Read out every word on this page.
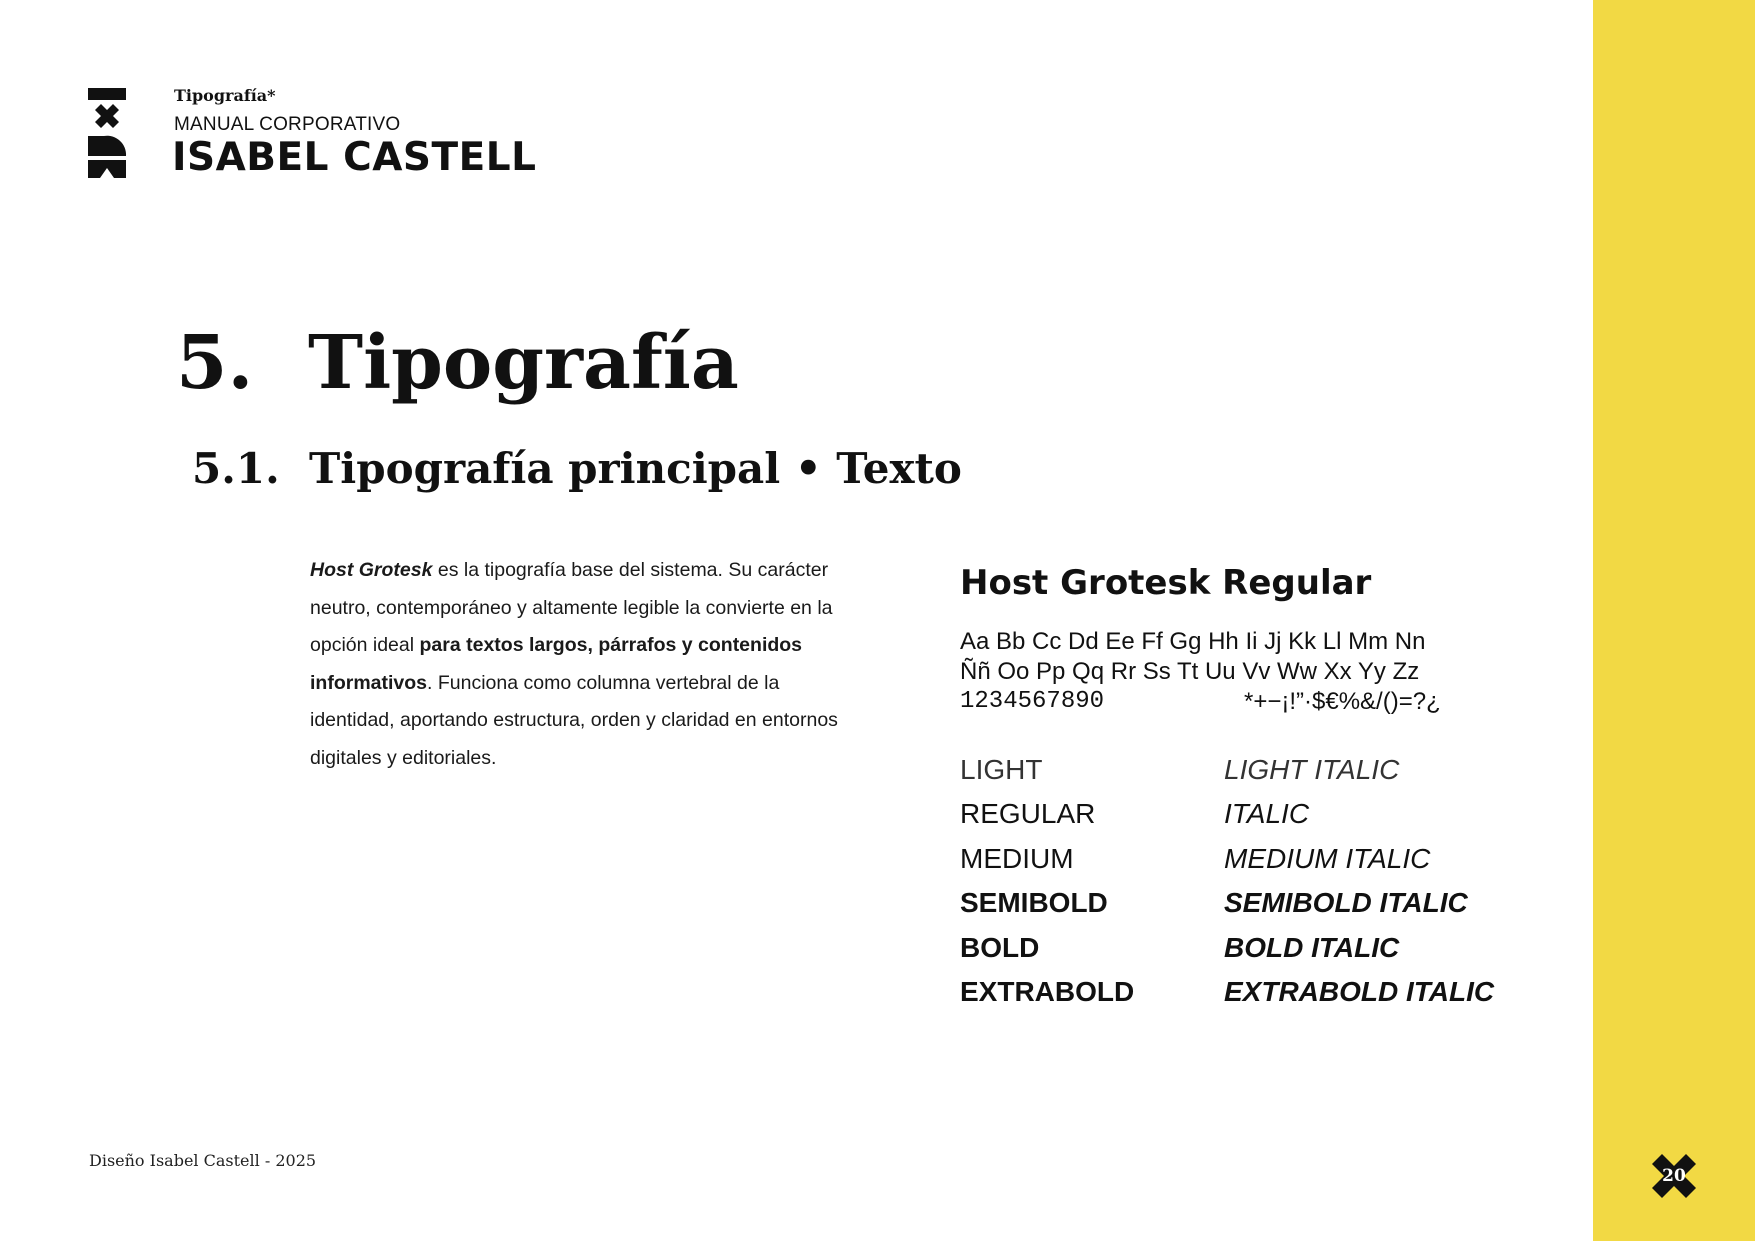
Tipografía*
MANUAL CORPORATIVO
ISABEL CASTELL
5. Tipografía
5.1. Tipografía principal • Texto
Host Grotesk es la tipografía base del sistema. Su carácter neutro, contemporáneo y altamente legible la convierte en la opción ideal para textos largos, párrafos y contenidos informativos. Funciona como columna vertebral de la identidad, aportando estructura, orden y claridad en entornos digitales y editoriales.
Host Grotesk Regular
Aa Bb Cc Dd Ee Ff Gg Hh Ii Jj Kk Ll Mm Nn
Ññ Oo Pp Qq Rr Ss Tt Uu Vv Ww Xx Yy Zz
1234567890	*+−¡!”·$€%&/()=?¿
LIGHT	LIGHT ITALIC
REGULAR	ITALIC
MEDIUM	MEDIUM ITALIC
SEMIBOLD	SEMIBOLD ITALIC
BOLD	BOLD ITALIC
EXTRABOLD	EXTRABOLD ITALIC
Diseño Isabel Castell - 2025
20
